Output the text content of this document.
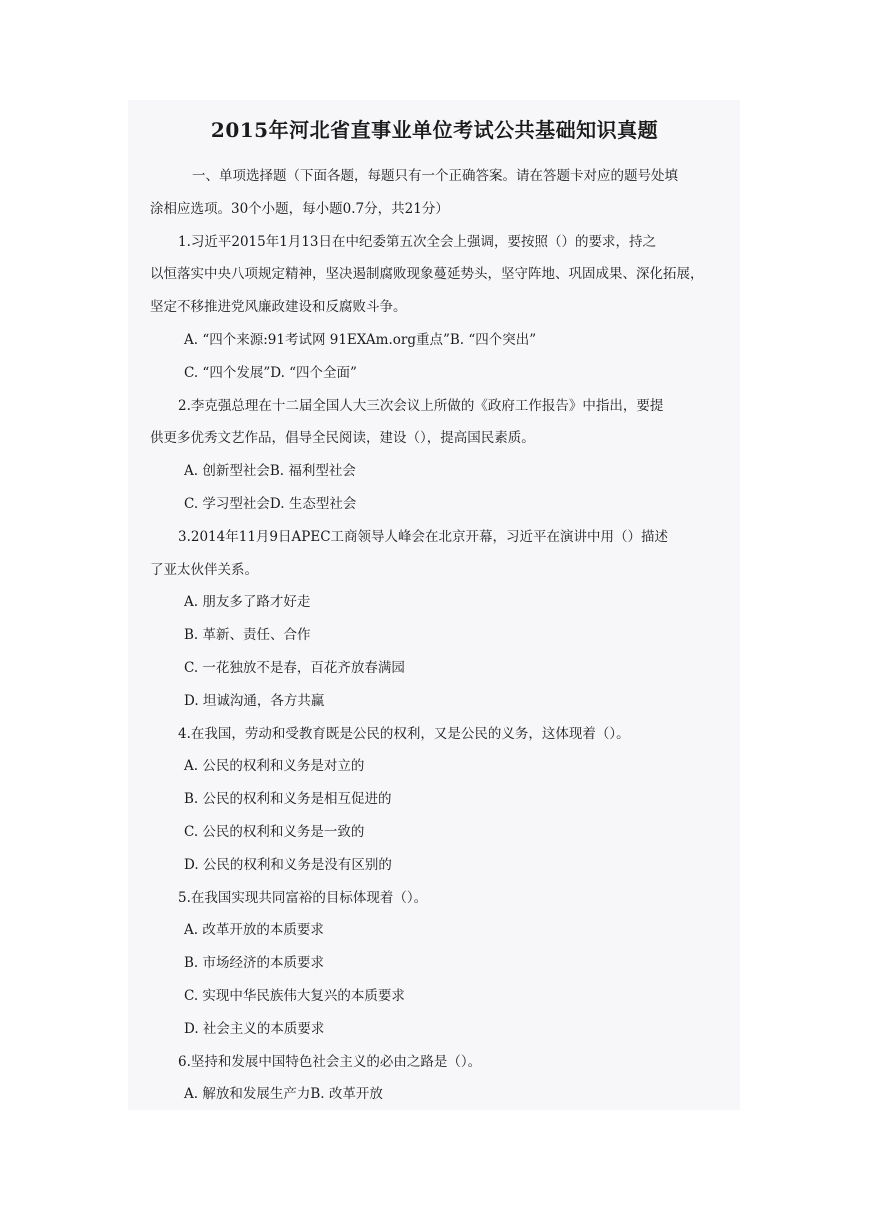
2015年河北省直事业单位考试公共基础知识真题
一、单项选择题（下面各题，每题只有一个正确答案。请在答题卡对应的题号处填
涂相应选项。30个小题，每小题0.7分，共21分）
1.习近平2015年1月13日在中纪委第五次全会上强调，要按照（）的要求，持之
以恒落实中央八项规定精神，坚决遏制腐败现象蔓延势头，坚守阵地、巩固成果、深化拓展，
坚定不移推进党风廉政建设和反腐败斗争。
A. “四个来源:91考试网 91EXAm.org重点”B. “四个突出”
C. “四个发展”D. “四个全面”
2.李克强总理在十二届全国人大三次会议上所做的《政府工作报告》中指出，要提
供更多优秀文艺作品，倡导全民阅读，建设（），提高国民素质。
A. 创新型社会B. 福利型社会
C. 学习型社会D. 生态型社会
3.2014年11月9日APEC工商领导人峰会在北京开幕，习近平在演讲中用（）描述
了亚太伙伴关系。
A. 朋友多了路才好走
B. 革新、责任、合作
C. 一花独放不是春，百花齐放春满园
D. 坦诚沟通，各方共赢
4.在我国，劳动和受教育既是公民的权利，又是公民的义务，这体现着（）。
A. 公民的权利和义务是对立的
B. 公民的权利和义务是相互促进的
C. 公民的权利和义务是一致的
D. 公民的权利和义务是没有区别的
5.在我国实现共同富裕的目标体现着（）。
A. 改革开放的本质要求
B. 市场经济的本质要求
C. 实现中华民族伟大复兴的本质要求
D. 社会主义的本质要求
6.坚持和发展中国特色社会主义的必由之路是（）。
A. 解放和发展生产力B. 改革开放
